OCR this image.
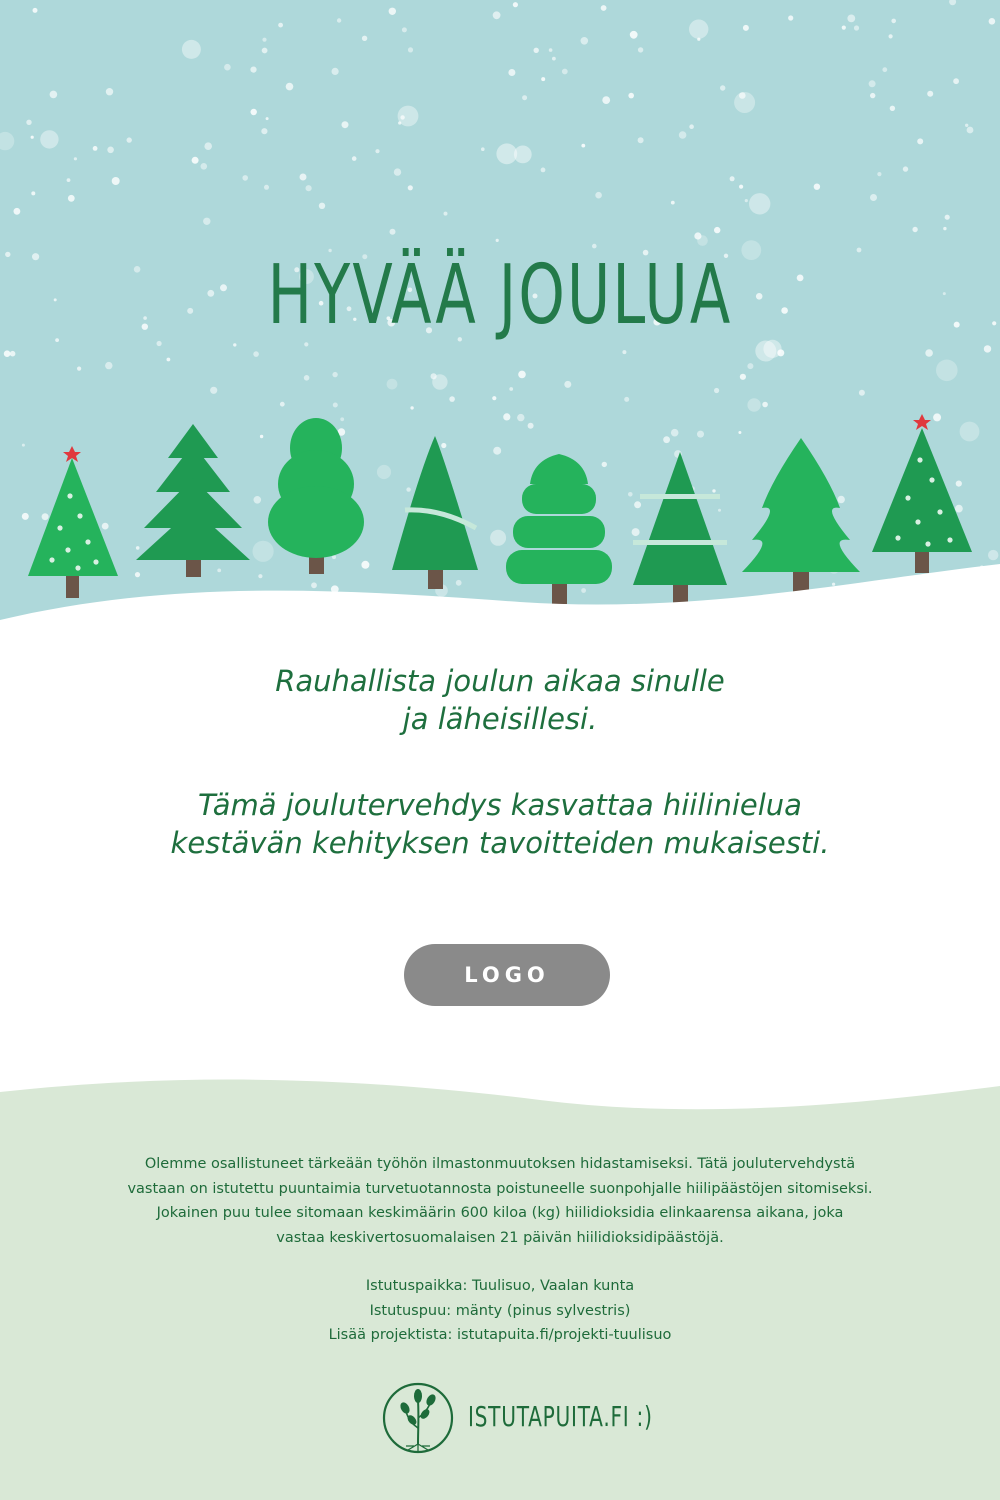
HYVÄÄ JOULUA

Rauhallista joulun aikaa sinulle

ja läheisillesi.

Tämä joulutervehdys kasvattaa hiilinielua

kestävän kehityksen tavoitteiden mukaisesti.

LOGO

Olemme osallistuneet tärkeään työhön ilmastonmuutoksen hidastamiseksi. Tätä joulutervehdystä

vastaan on istutettu puuntaimia turvetuotannosta poistuneelle suonpohjalle hiilipäästöjen sitomiseksi.

Jokainen puu tulee sitomaan keskimäärin 600 kiloa (kg) hiilidioksidia elinkaarensa aikana, joka

vastaa keskivertosuomalaisen 21 päivän hiilidioksidipäästöjä.

Istutuspaikka: Tuulisuo, Vaalan kunta

Istutuspuu: mänty (pinus sylvestris)

Lisää projektista: istutapuita.fi/projekti-tuulisuo

ISTUTAPUITA.FI :)
